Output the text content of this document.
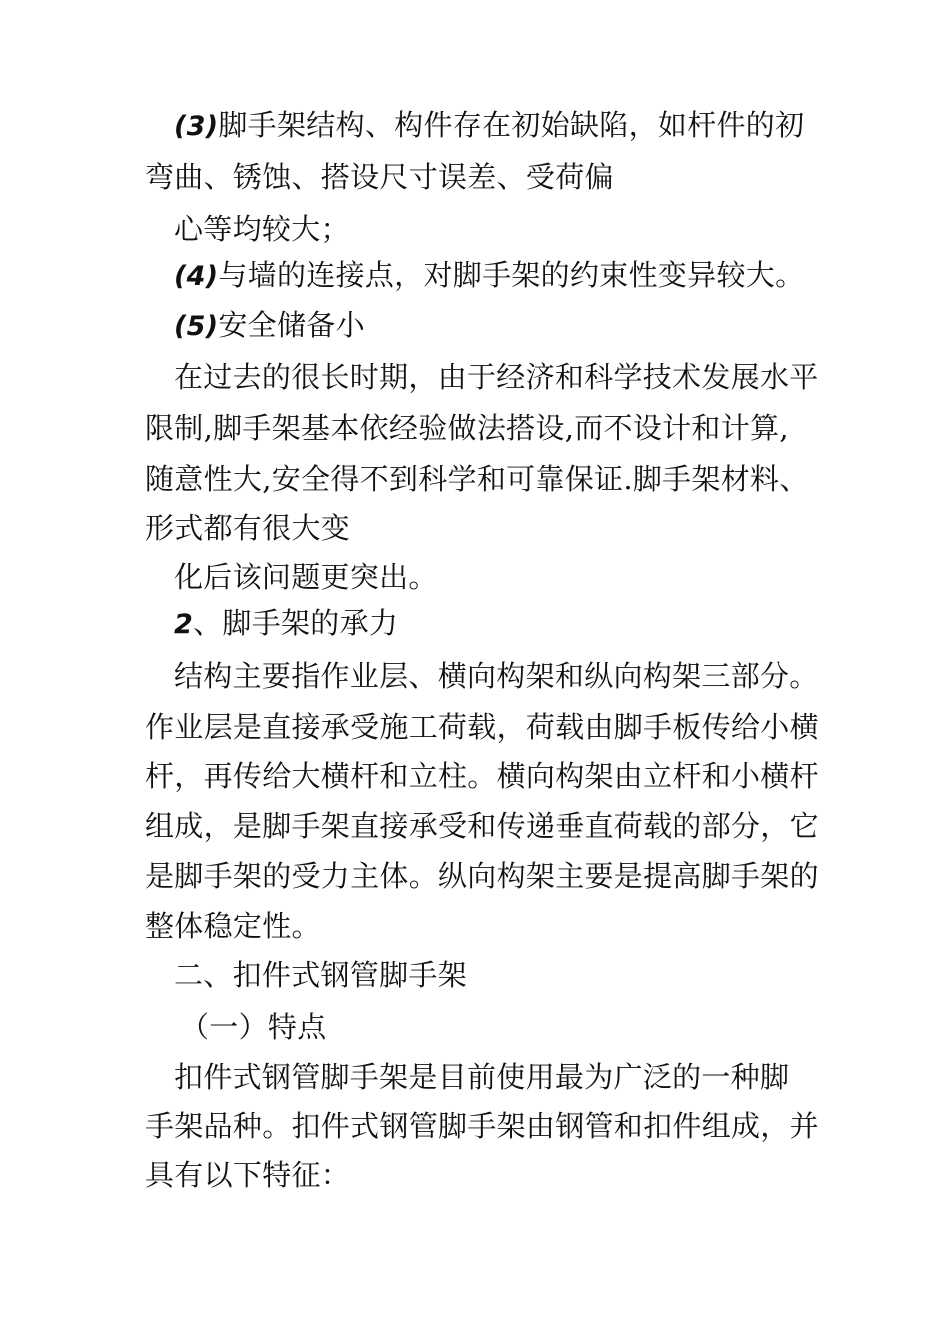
(3)脚手架结构、构件存在初始缺陷，如杆件的初
弯曲、锈蚀、搭设尺寸误差、受荷偏
心等均较大；
(4)与墙的连接点，对脚手架的约束性变异较大。
(5)安全储备小
在过去的很长时期，由于经济和科学技术发展水平
限制,脚手架基本依经验做法搭设,而不设计和计算,
随意性大,安全得不到科学和可靠保证.脚手架材料、
形式都有很大变
化后该问题更突出。
2、脚手架的承力
结构主要指作业层、横向构架和纵向构架三部分。
作业层是直接承受施工荷载，荷载由脚手板传给小横
杆，再传给大横杆和立柱。横向构架由立杆和小横杆
组成，是脚手架直接承受和传递垂直荷载的部分，它
是脚手架的受力主体。纵向构架主要是提高脚手架的
整体稳定性。
二、扣件式钢管脚手架
（一）特点
扣件式钢管脚手架是目前使用最为广泛的一种脚
手架品种。扣件式钢管脚手架由钢管和扣件组成，并
具有以下特征：
